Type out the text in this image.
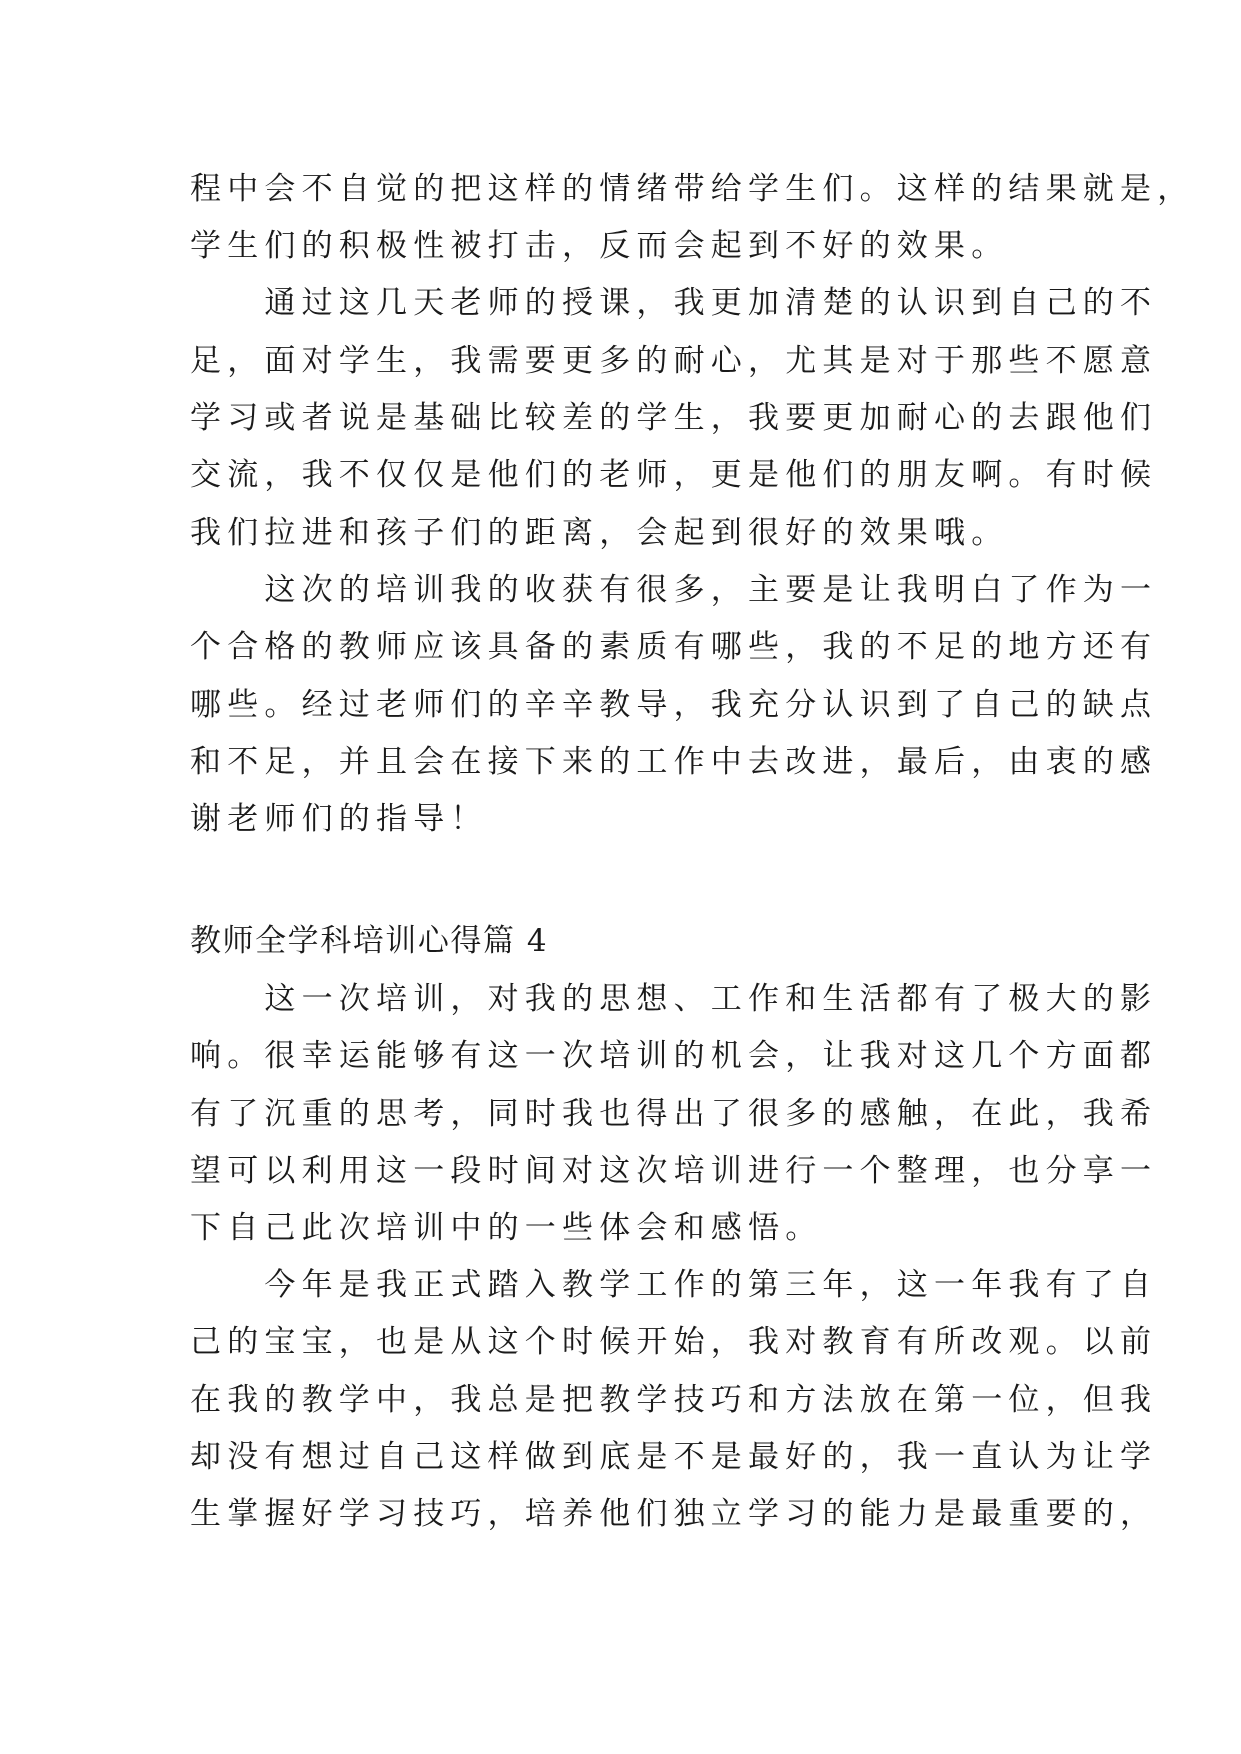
程中会不自觉的把这样的情绪带给学生们。这样的结果就是，
学生们的积极性被打击，反而会起到不好的效果。
　　通过这几天老师的授课，我更加清楚的认识到自己的不
足，面对学生，我需要更多的耐心，尤其是对于那些不愿意
学习或者说是基础比较差的学生，我要更加耐心的去跟他们
交流，我不仅仅是他们的老师，更是他们的朋友啊。有时候
我们拉进和孩子们的距离，会起到很好的效果哦。
　　这次的培训我的收获有很多，主要是让我明白了作为一
个合格的教师应该具备的素质有哪些，我的不足的地方还有
哪些。经过老师们的辛辛教导，我充分认识到了自己的缺点
和不足，并且会在接下来的工作中去改进，最后，由衷的感
谢老师们的指导！
教师全学科培训心得篇 4
　　这一次培训，对我的思想、工作和生活都有了极大的影
响。很幸运能够有这一次培训的机会，让我对这几个方面都
有了沉重的思考，同时我也得出了很多的感触，在此，我希
望可以利用这一段时间对这次培训进行一个整理，也分享一
下自己此次培训中的一些体会和感悟。
　　今年是我正式踏入教学工作的第三年，这一年我有了自
己的宝宝，也是从这个时候开始，我对教育有所改观。以前
在我的教学中，我总是把教学技巧和方法放在第一位，但我
却没有想过自己这样做到底是不是最好的，我一直认为让学
生掌握好学习技巧，培养他们独立学习的能力是最重要的，
